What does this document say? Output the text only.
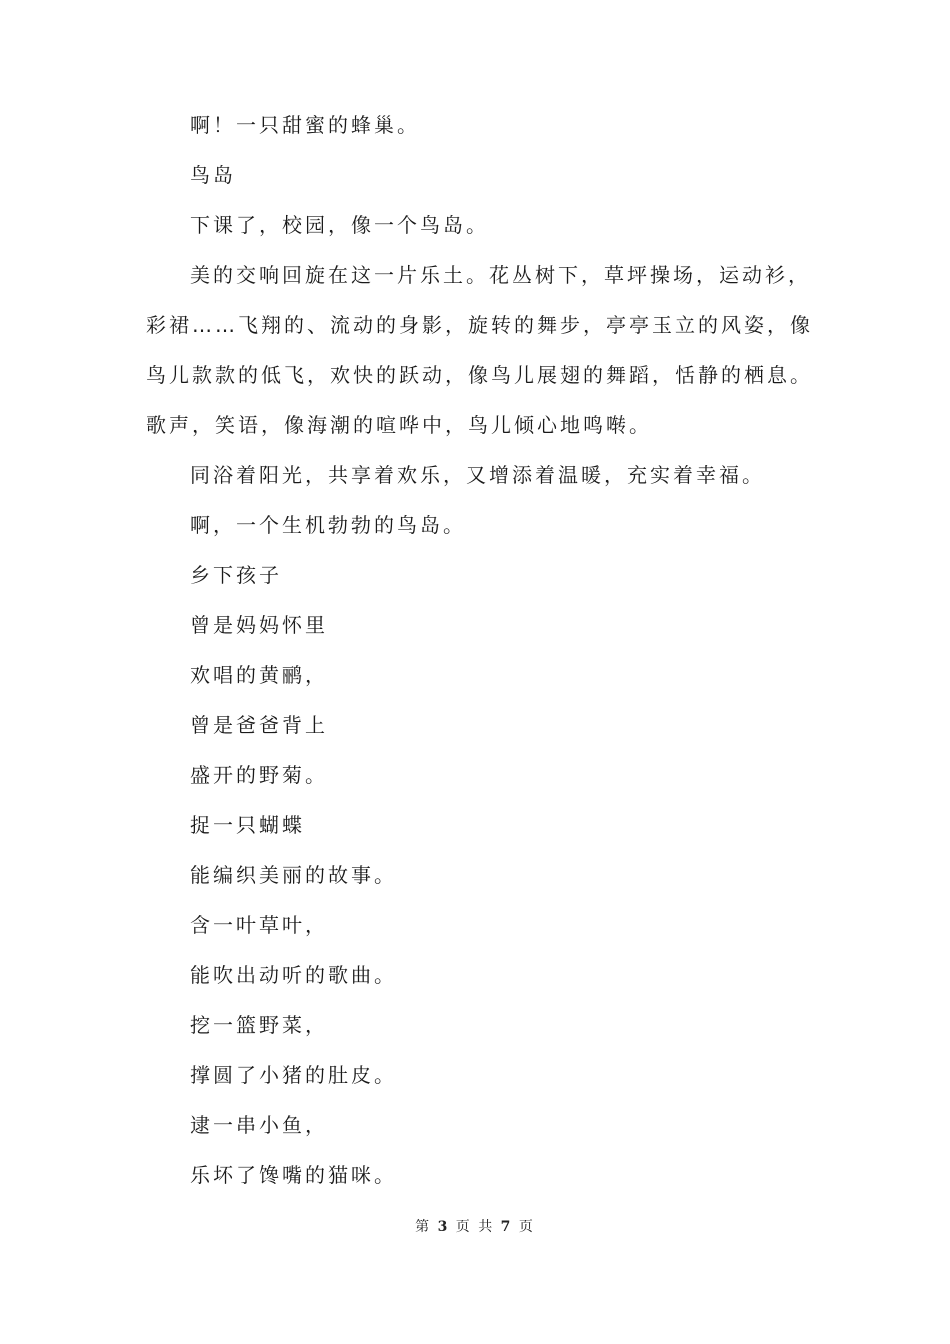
啊！一只甜蜜的蜂巢。

鸟岛

下课了，校园，像一个鸟岛。

美的交响回旋在这一片乐土。花丛树下，草坪操场，运动衫，彩裙……飞翔的、流动的身影，旋转的舞步，亭亭玉立的风姿，像鸟儿款款的低飞，欢快的跃动，像鸟儿展翅的舞蹈，恬静的栖息。歌声，笑语，像海潮的喧哗中，鸟儿倾心地鸣啭。

同浴着阳光，共享着欢乐，又增添着温暖，充实着幸福。

啊，一个生机勃勃的鸟岛。

乡下孩子

曾是妈妈怀里

欢唱的黄鹂，

曾是爸爸背上

盛开的野菊。

捉一只蝴蝶

能编织美丽的故事。

含一叶草叶，

能吹出动听的歌曲。

挖一篮野菜，

撑圆了小猪的肚皮。

逮一串小鱼，

乐坏了馋嘴的猫咪。

第 3 页 共 7 页
